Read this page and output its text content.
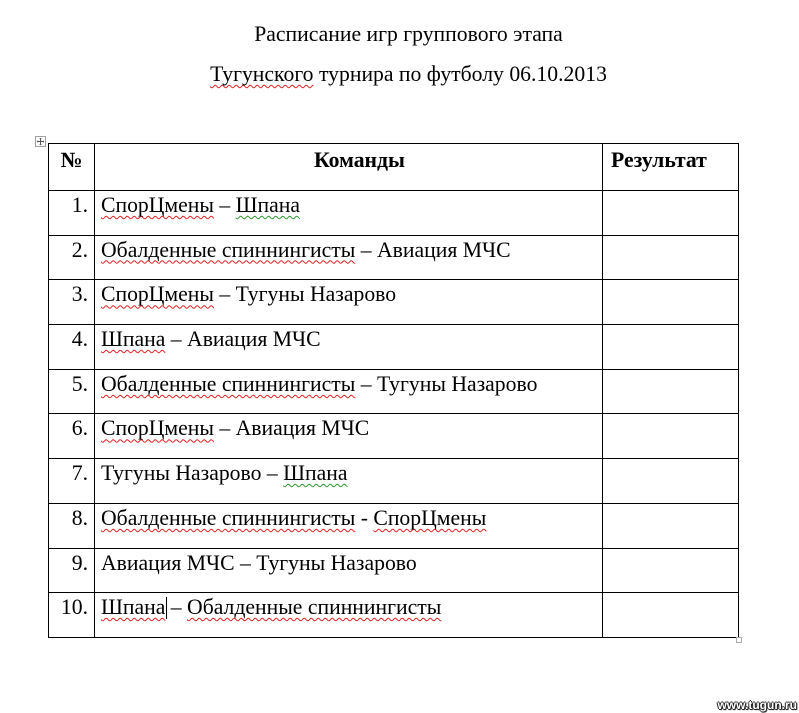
Расписание игр группового этапа
Тугунского турнира по футболу 06.10.2013
№	Команды	Результат
1. СпорЦмены – Шпана
2. Обалденные спиннингисты – Авиация МЧС
3. СпорЦмены – Тугуны Назарово
4. Шпана – Авиация МЧС
5. Обалденные спиннингисты – Тугуны Назарово
6. СпорЦмены – Авиация МЧС
7. Тугуны Назарово – Шпана
8. Обалденные спиннингисты - СпорЦмены
9. Авиация МЧС – Тугуны Назарово
10. Шпана – Обалденные спиннингисты
www.tugun.ru
